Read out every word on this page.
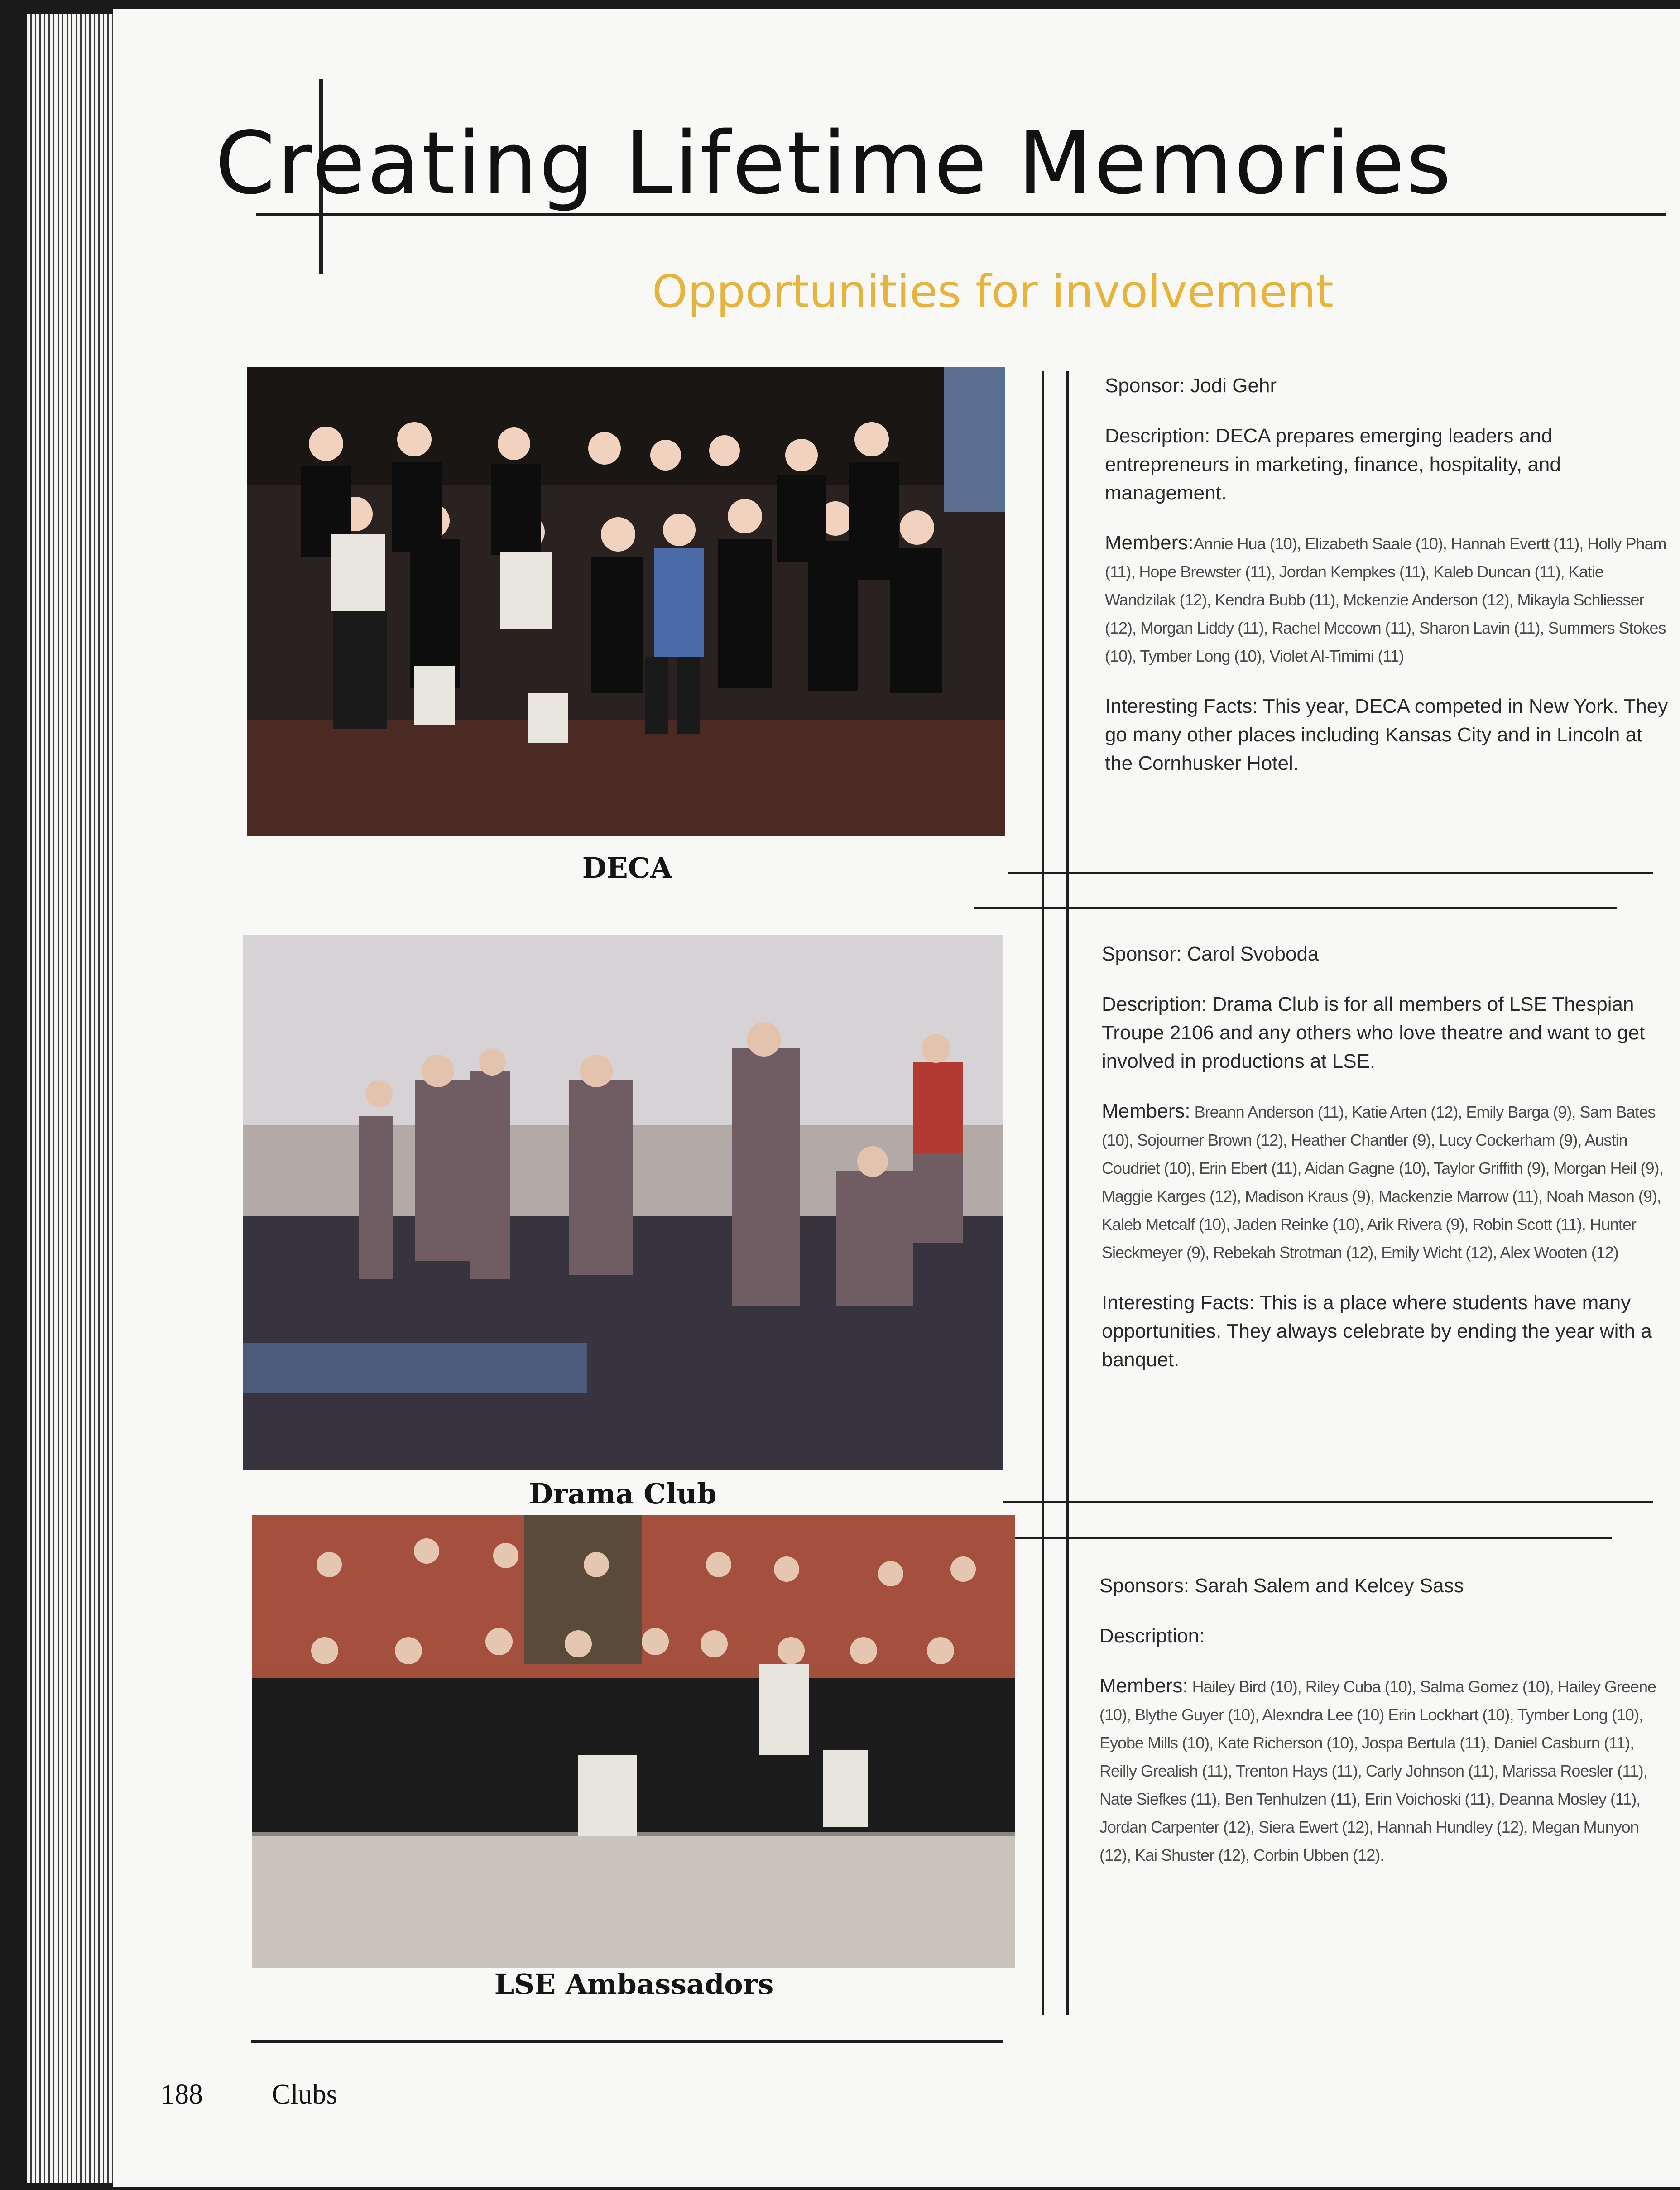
Creating Lifetime Memories
Opportunities for involvement
DECA
Drama Club
LSE Ambassadors

Sponsor: Jodi Gehr

Description: DECA prepares emerging leaders and entrepreneurs in marketing, finance, hospitality, and management.

Members:Annie Hua (10), Elizabeth Saale (10), Hannah Evertt (11), Holly Pham (11), Hope Brewster (11), Jordan Kempkes (11), Kaleb Duncan (11), Katie Wandzilak (12), Kendra Bubb (11), Mckenzie Anderson (12), Mikayla Schliesser (12), Morgan Liddy (11), Rachel Mccown (11), Sharon Lavin (11), Summers Stokes (10), Tymber Long (10), Violet Al-Timimi (11)

Interesting Facts: This year, DECA competed in New York. They go many other places including Kansas City and in Lincoln at the Cornhusker Hotel.

Sponsor: Carol Svoboda

Description: Drama Club is for all members of LSE Thespian Troupe 2106 and any others who love theatre and want to get involved in productions at LSE.

Members: Breann Anderson (11), Katie Arten (12), Emily Barga (9), Sam Bates (10), Sojourner Brown (12), Heather Chantler (9), Lucy Cockerham (9), Austin Coudriet (10), Erin Ebert (11), Aidan Gagne (10), Taylor Griffith (9), Morgan Heil (9), Maggie Karges (12), Madison Kraus (9), Mackenzie Marrow (11), Noah Mason (9), Kaleb Metcalf (10), Jaden Reinke (10), Arik Rivera (9), Robin Scott (11), Hunter Sieckmeyer (9), Rebekah Strotman (12), Emily Wicht (12), Alex Wooten (12)

Interesting Facts: This is a place where students have many opportunities. They always celebrate by ending the year with a banquet.

Sponsors: Sarah Salem and Kelcey Sass

Description:

Members: Hailey Bird (10), Riley Cuba (10), Salma Gomez (10), Hailey Greene (10), Blythe Guyer (10), Alexndra Lee (10) Erin Lockhart (10), Tymber Long (10), Eyobe Mills (10), Kate Richerson (10), Jospa Bertula (11), Daniel Casburn (11), Reilly Grealish (11), Trenton Hays (11), Carly Johnson (11), Marissa Roesler (11), Nate Siefkes (11), Ben Tenhulzen (11), Erin Voichoski (11), Deanna Mosley (11), Jordan Carpenter (12), Siera Ewert (12), Hannah Hundley (12), Megan Munyon (12), Kai Shuster (12), Corbin Ubben (12).

188 Clubs
